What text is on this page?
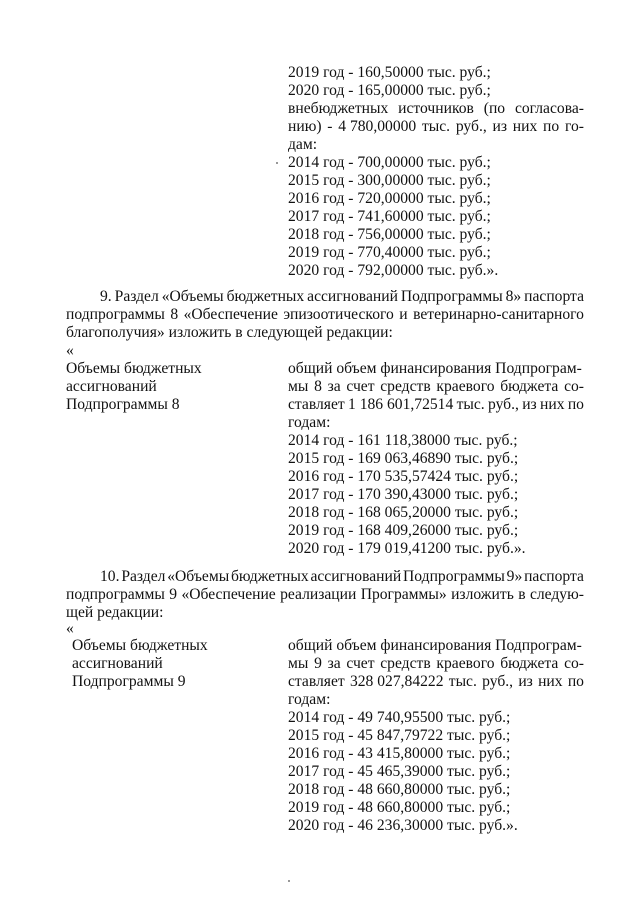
2019 год - 160,50000 тыс. руб.;
2020 год - 165,00000 тыс. руб.;
внебюджетных источников (по согласова-
нию) - 4 780,00000 тыс. руб., из них по го-
дам:
2014 год - 700,00000 тыс. руб.;
2015 год - 300,00000 тыс. руб.;
2016 год - 720,00000 тыс. руб.;
2017 год - 741,60000 тыс. руб.;
2018 год - 756,00000 тыс. руб.;
2019 год - 770,40000 тыс. руб.;
2020 год - 792,00000 тыс. руб.».
9. Раздел «Объемы бюджетных ассигнований Подпрограммы 8» паспорта
подпрограммы 8 «Обеспечение эпизоотического и ветеринарно-санитарного
благополучия» изложить в следующей редакции:
«
Объемы бюджетных
ассигнований
Подпрограммы 8
общий объем финансирования Подпрограм-
мы 8 за счет средств краевого бюджета со-
ставляет 1 186 601,72514 тыс. руб., из них по
годам:
2014 год - 161 118,38000 тыс. руб.;
2015 год - 169 063,46890 тыс. руб.;
2016 год - 170 535,57424 тыс. руб.;
2017 год - 170 390,43000 тыс. руб.;
2018 год - 168 065,20000 тыс. руб.;
2019 год - 168 409,26000 тыс. руб.;
2020 год - 179 019,41200 тыс. руб.».
10. Раздел «Объемы бюджетных ассигнований Подпрограммы 9» паспорта
подпрограммы 9 «Обеспечение реализации Программы» изложить в следую-
щей редакции:
«
Объемы бюджетных
ассигнований
Подпрограммы 9
общий объем финансирования Подпрограм-
мы 9 за счет средств краевого бюджета со-
ставляет 328 027,84222 тыс. руб., из них по
годам:
2014 год - 49 740,95500 тыс. руб.;
2015 год - 45 847,79722 тыс. руб.;
2016 год - 43 415,80000 тыс. руб.;
2017 год - 45 465,39000 тыс. руб.;
2018 год - 48 660,80000 тыс. руб.;
2019 год - 48 660,80000 тыс. руб.;
2020 год - 46 236,30000 тыс. руб.».
